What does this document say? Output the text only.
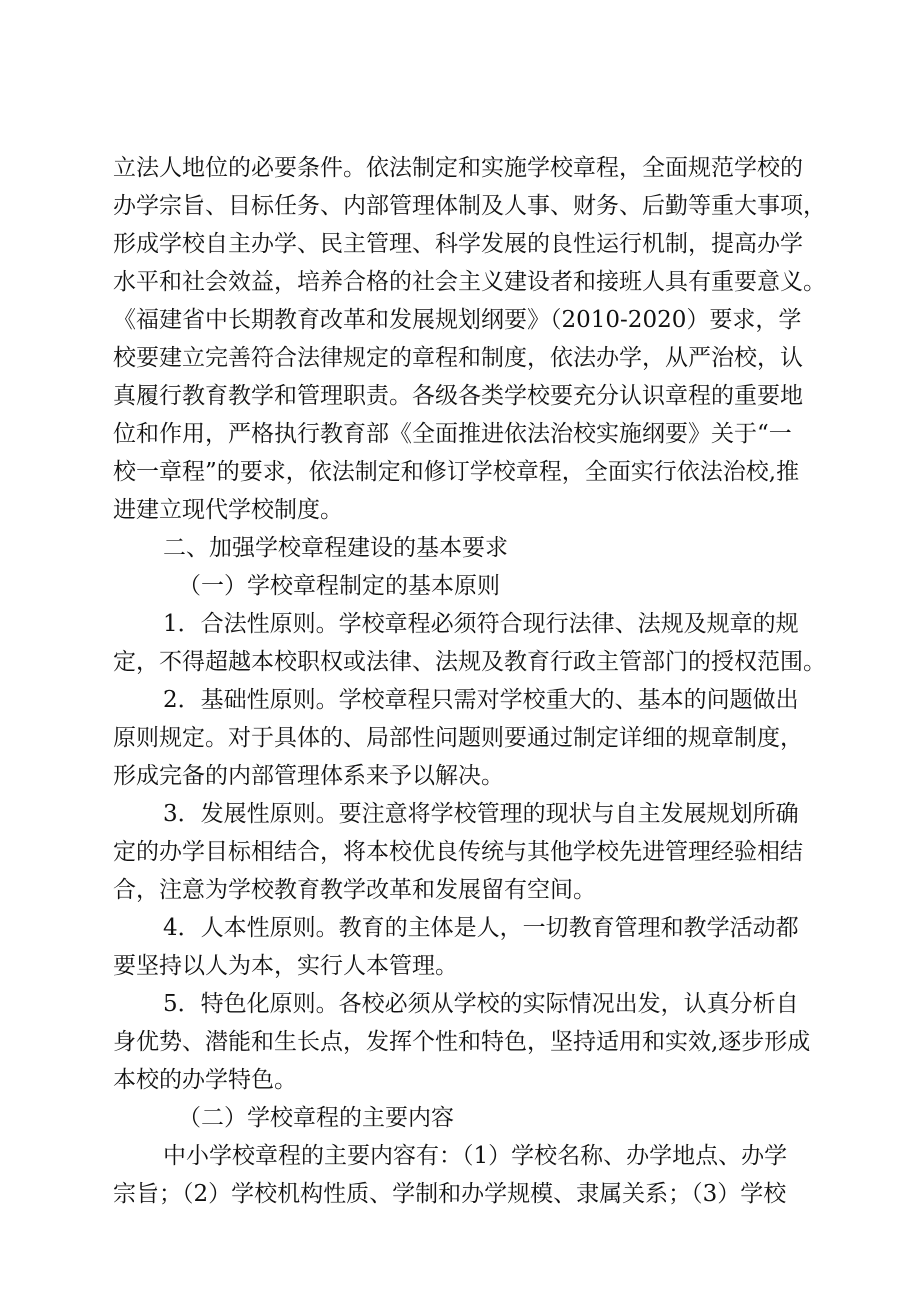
立法人地位的必要条件。依法制定和实施学校章程，全面规范学校的
办学宗旨、目标任务、内部管理体制及人事、财务、后勤等重大事项，
形成学校自主办学、民主管理、科学发展的良性运行机制，提高办学
水平和社会效益，培养合格的社会主义建设者和接班人具有重要意义。
《福建省中长期教育改革和发展规划纲要》（2010-2020）要求，学
校要建立完善符合法律规定的章程和制度，依法办学，从严治校，认
真履行教育教学和管理职责。各级各类学校要充分认识章程的重要地
位和作用，严格执行教育部《全面推进依法治校实施纲要》关于“一
校一章程”的要求，依法制定和修订学校章程，全面实行依法治校,推
进建立现代学校制度。
二、加强学校章程建设的基本要求
（一）学校章程制定的基本原则
1．合法性原则。学校章程必须符合现行法律、法规及规章的规
定，不得超越本校职权或法律、法规及教育行政主管部门的授权范围。
2．基础性原则。学校章程只需对学校重大的、基本的问题做出
原则规定。对于具体的、局部性问题则要通过制定详细的规章制度，
形成完备的内部管理体系来予以解决。
3．发展性原则。要注意将学校管理的现状与自主发展规划所确
定的办学目标相结合，将本校优良传统与其他学校先进管理经验相结
合，注意为学校教育教学改革和发展留有空间。
4．人本性原则。教育的主体是人，一切教育管理和教学活动都
要坚持以人为本，实行人本管理。
5．特色化原则。各校必须从学校的实际情况出发，认真分析自
身优势、潜能和生长点，发挥个性和特色，坚持适用和实效,逐步形成
本校的办学特色。
（二）学校章程的主要内容
中小学校章程的主要内容有：（1）学校名称、办学地点、办学
宗旨；（2）学校机构性质、学制和办学规模、隶属关系；（3）学校
